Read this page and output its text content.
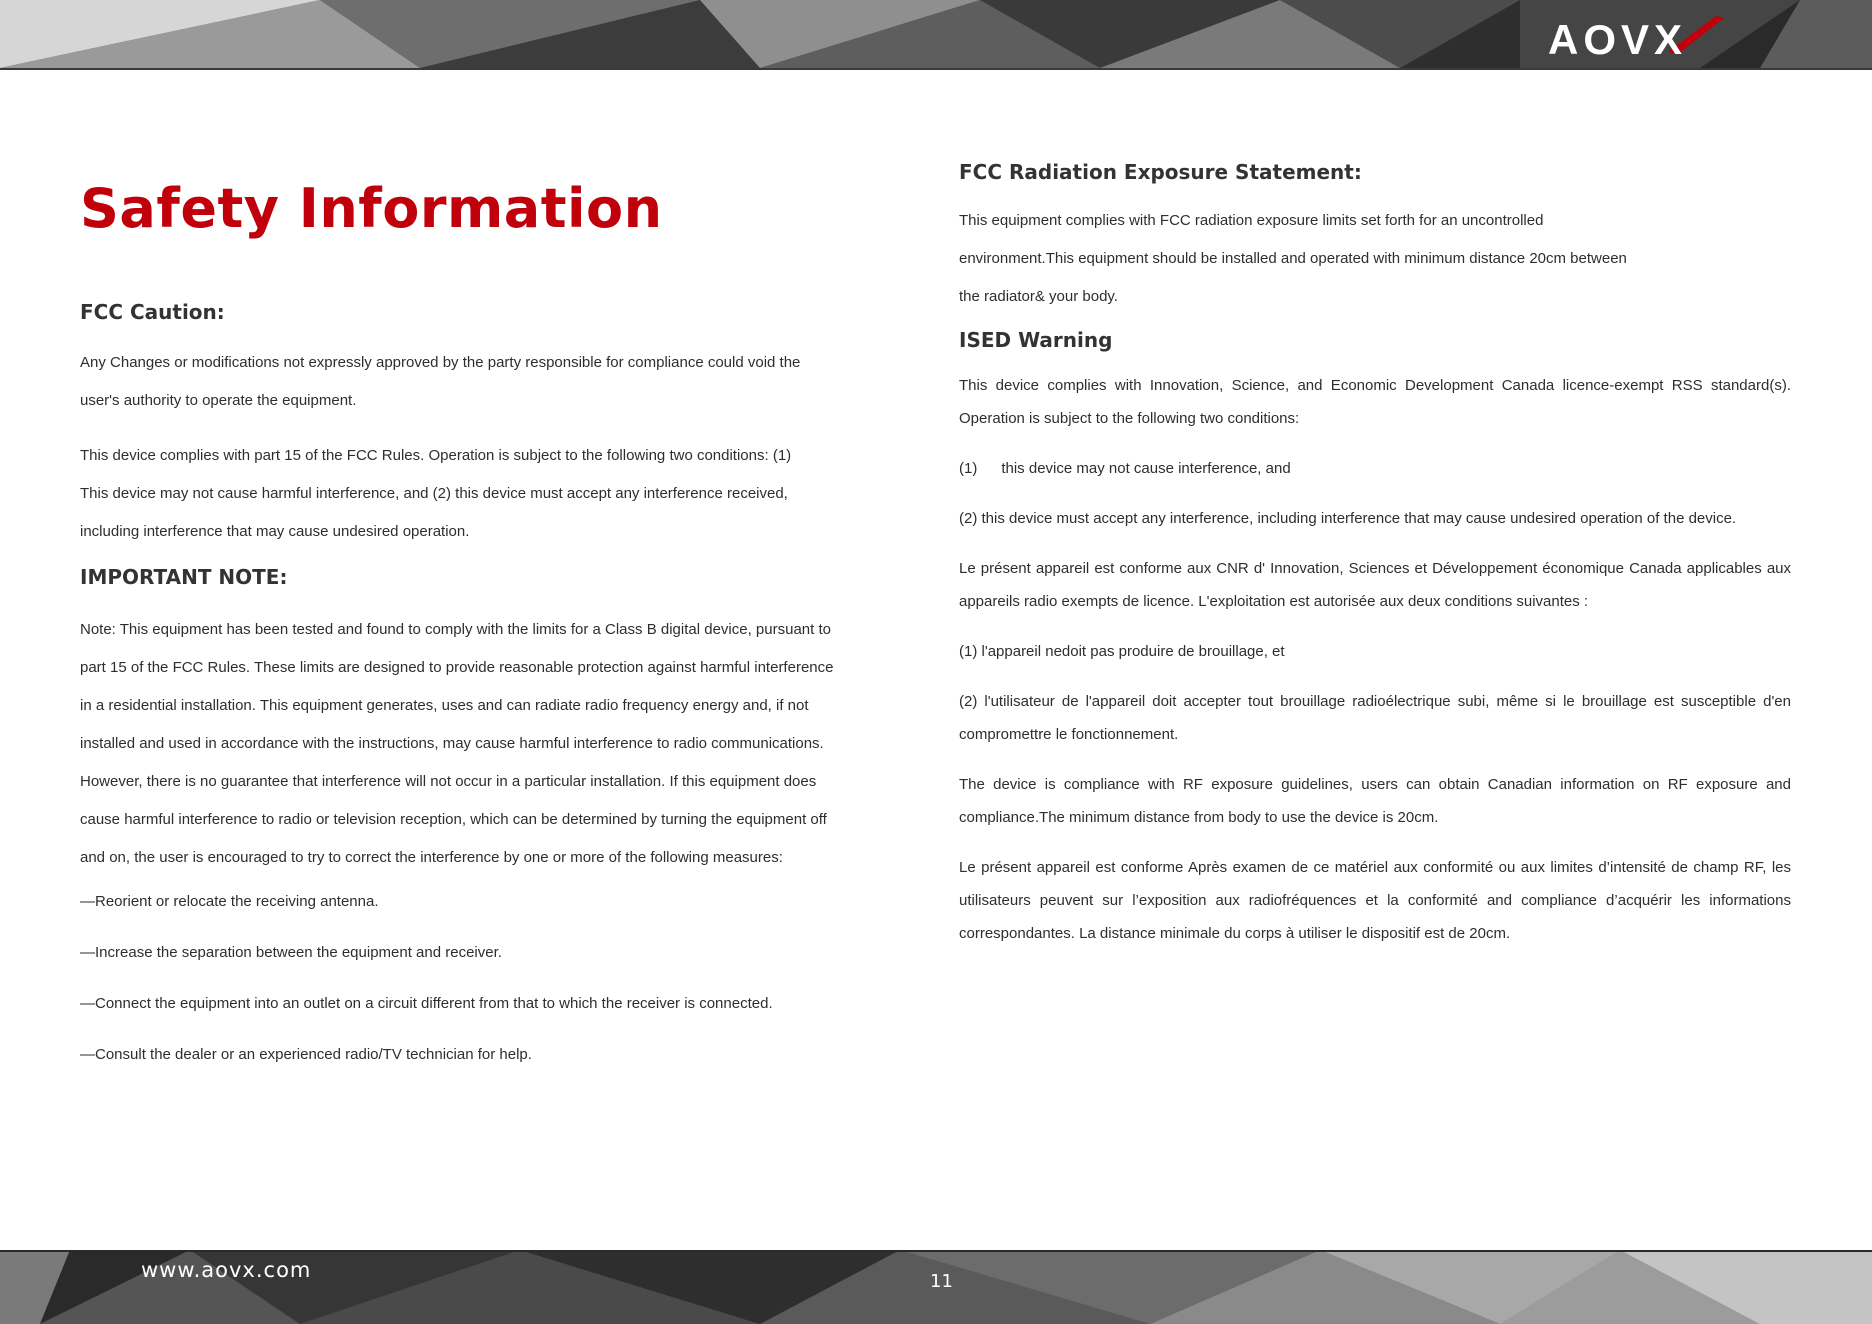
AOVX
Safety Information
FCC Caution:

Any Changes or modifications not expressly approved by the party responsible for compliance could void the
user's authority to operate the equipment.

This device complies with part 15 of the FCC Rules. Operation is subject to the following two conditions: (1)
This device may not cause harmful interference, and (2) this device must accept any interference received,
including interference that may cause undesired operation.

IMPORTANT NOTE:

Note: This equipment has been tested and found to comply with the limits for a Class B digital device, pursuant to
part 15 of the FCC Rules. These limits are designed to provide reasonable protection against harmful interference
in a residential installation. This equipment generates, uses and can radiate radio frequency energy and, if not
installed and used in accordance with the instructions, may cause harmful interference to radio communications.
However, there is no guarantee that interference will not occur in a particular installation. If this equipment does
cause harmful interference to radio or television reception, which can be determined by turning the equipment off
and on, the user is encouraged to try to correct the interference by one or more of the following measures:

—Reorient or relocate the receiving antenna.

—Increase the separation between the equipment and receiver.

—Connect the equipment into an outlet on a circuit different from that to which the receiver is connected.

—Consult the dealer or an experienced radio/TV technician for help.

FCC Radiation Exposure Statement:

This equipment complies with FCC radiation exposure limits set forth for an uncontrolled
environment.This equipment should be installed and operated with minimum distance 20cm between
the radiator& your body.

ISED Warning

This device complies with Innovation, Science, and Economic Development Canada licence-exempt RSS standard(s). Operation is subject to the following two conditions:

(1) this device may not cause interference, and

(2) this device must accept any interference, including interference that may cause undesired operation of the device.

Le présent appareil est conforme aux CNR d' Innovation, Sciences et Développement économique Canada applicables aux appareils radio exempts de licence. L'exploitation est autorisée aux deux conditions suivantes :

(1) l'appareil nedoit pas produire de brouillage, et

(2) l'utilisateur de l'appareil doit accepter tout brouillage radioélectrique subi, même si le brouillage est susceptible d'en compromettre le fonctionnement.

The device is compliance with RF exposure guidelines, users can obtain Canadian information on RF exposure and compliance.The minimum distance from body to use the device is 20cm.

Le présent appareil est conforme Après examen de ce matériel aux conformité ou aux limites d’intensité de champ RF, les utilisateurs peuvent sur l’exposition aux radiofréquences et la conformité and compliance d’acquérir les informations correspondantes. La distance minimale du corps à utiliser le dispositif est de 20cm.

www.aovx.com	11
